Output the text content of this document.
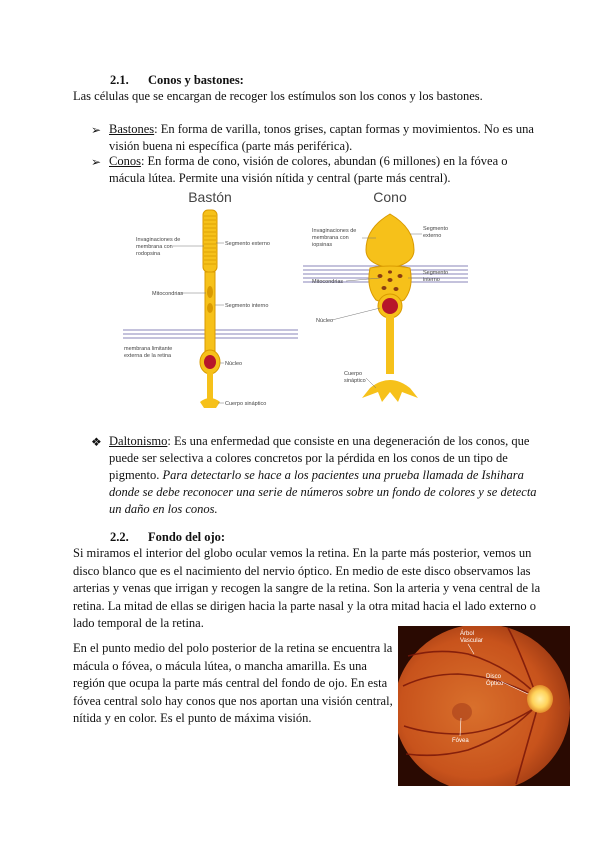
2.1. Conos y bastones:
Las células que se encargan de recoger los estímulos son los conos y los bastones.
➢ Bastones: En forma de varilla, tonos grises, captan formas y movimientos. No es una
visión buena ni específica (parte más periférica).
➢ Conos: En forma de cono, visión de colores, abundan (6 millones) en la fóvea o
mácula lútea. Permite una visión nítida y central (parte más central).
Bastón
Invaginaciones de
membrana con
rodopsina
Segmento externo
Mitocondrias
Segmento interno
membrana limitante
externa de la retina
Núcleo
Cuerpo sináptico
Cono
Invaginaciones de
membrana con
iopsinas
Segmento
externo
Mitocondrias
Segmento
interno
Núcleo
Cuerpo
sináptico
❖ Daltonismo: Es una enfermedad que consiste en una degeneración de los conos, que
puede ser selectiva a colores concretos por la pérdida en los conos de un tipo de
pigmento. Para detectarlo se hace a los pacientes una prueba llamada de Ishihara
donde se debe reconocer una serie de números sobre un fondo de colores y se detecta
un daño en los conos.
2.2. Fondo del ojo:
Si miramos el interior del globo ocular vemos la retina. En la parte más posterior, vemos un
disco blanco que es el nacimiento del nervio óptico. En medio de este disco observamos las
arterias y venas que irrigan y recogen la sangre de la retina. Son la arteria y vena central de la
retina. La mitad de ellas se dirigen hacia la parte nasal y la otra mitad hacia el lado externo o
lado temporal de la retina.
En el punto medio del polo posterior de la retina se encuentra la
mácula o fóvea, o mácula lútea, o mancha amarilla. Es una
región que ocupa la parte más central del fondo de ojo. En esta
fóvea central solo hay conos que nos aportan una visión central,
nítida y en color. Es el punto de máxima visión.
Árbol
Vascular
Disco
Óptico
Fóvea
